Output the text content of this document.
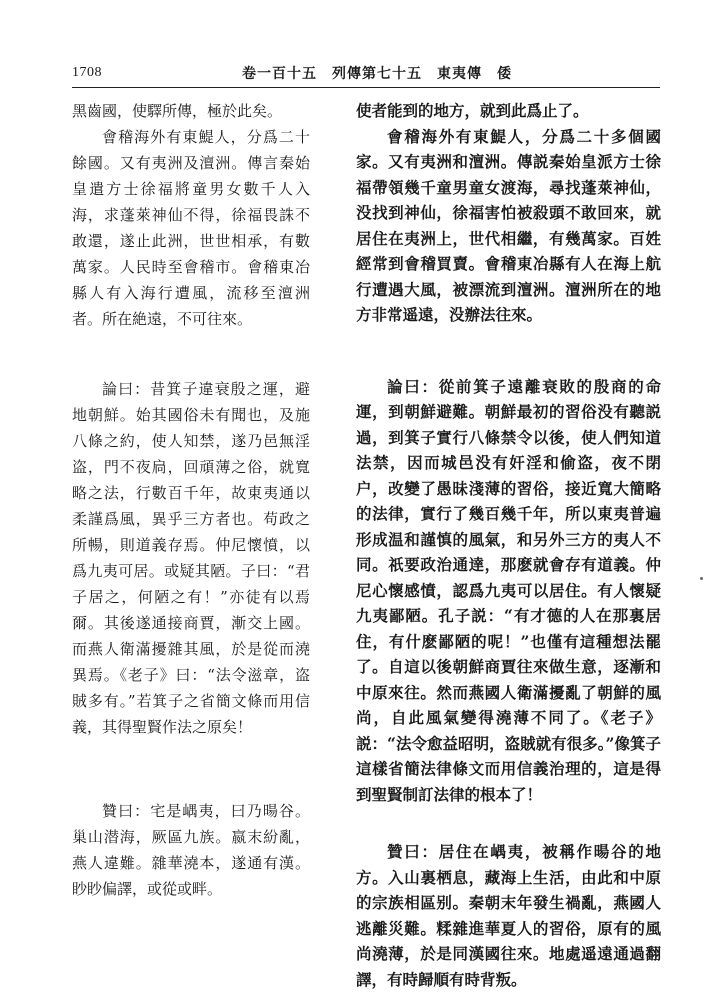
1708	卷一百十五　列傳第七十五　東夷傳　倭

黑齒國，使驛所傳，極於此矣。

會稽海外有東鯷人，分爲二十餘國。又有夷洲及澶洲。傳言秦始皇遣方士徐福將童男女數千人入海，求蓬萊神仙不得，徐福畏誅不敢還，遂止此洲，世世相承，有數萬家。人民時至會稽市。會稽東冶縣人有入海行遭風，流移至澶洲者。所在絶遠，不可往來。

論曰：昔箕子違衰殷之運，避地朝鮮。始其國俗未有聞也，及施八條之約，使人知禁，遂乃邑無淫盗，門不夜扃，回頑薄之俗，就寬略之法，行數百千年，故東夷通以柔謹爲風，異乎三方者也。苟政之所暢，則道義存焉。仲尼懷憤，以爲九夷可居。或疑其陋。子曰：“君子居之，何陋之有！”亦徒有以焉爾。其後遂通接商賈，漸交上國。而燕人衛滿擾雜其風，於是從而澆異焉。《老子》曰：“法令滋章，盗賊多有。”若箕子之省簡文條而用信義，其得聖賢作法之原矣！

贊曰：宅是嵎夷，曰乃暘谷。巢山潜海，厥區九族。嬴末紛亂，燕人違難。雜華澆本，遂通有漢。眇眇偏譯，或從或畔。

使者能到的地方，就到此爲止了。

會稽海外有東鯷人，分爲二十多個國家。又有夷洲和澶洲。傳説秦始皇派方士徐福帶領幾千童男童女渡海，尋找蓬萊神仙，没找到神仙，徐福害怕被殺頭不敢回來，就居住在夷洲上，世代相繼，有幾萬家。百姓經常到會稽買賣。會稽東冶縣有人在海上航行遭遇大風，被漂流到澶洲。澶洲所在的地方非常遥遠，没辦法往來。

論曰：從前箕子遠離衰敗的殷商的命運，到朝鮮避難。朝鮮最初的習俗没有聽説過，到箕子實行八條禁令以後，使人們知道法禁，因而城邑没有奸淫和偷盗，夜不閉户，改變了愚昧淺薄的習俗，接近寬大簡略的法律，實行了幾百幾千年，所以東夷普遍形成温和謹慎的風氣，和另外三方的夷人不同。祇要政治通達，那麽就會存有道義。仲尼心懷感憤，認爲九夷可以居住。有人懷疑九夷鄙陋。孔子説：“有才德的人在那裏居住，有什麽鄙陋的呢！”也僅有這種想法罷了。自這以後朝鮮商賈往來做生意，逐漸和中原來往。然而燕國人衛滿擾亂了朝鮮的風尚，自此風氣變得澆薄不同了。《老子》説：“法令愈益昭明，盗賊就有很多。”像箕子這樣省簡法律條文而用信義治理的，這是得到聖賢制訂法律的根本了！

贊曰：居住在嵎夷，被稱作暘谷的地方。入山裏栖息，藏海上生活，由此和中原的宗族相區别。秦朝末年發生禍亂，燕國人逃離災難。糅雜進華夏人的習俗，原有的風尚澆薄，於是同漢國往來。地處遥遠通過翻譯，有時歸順有時背叛。
